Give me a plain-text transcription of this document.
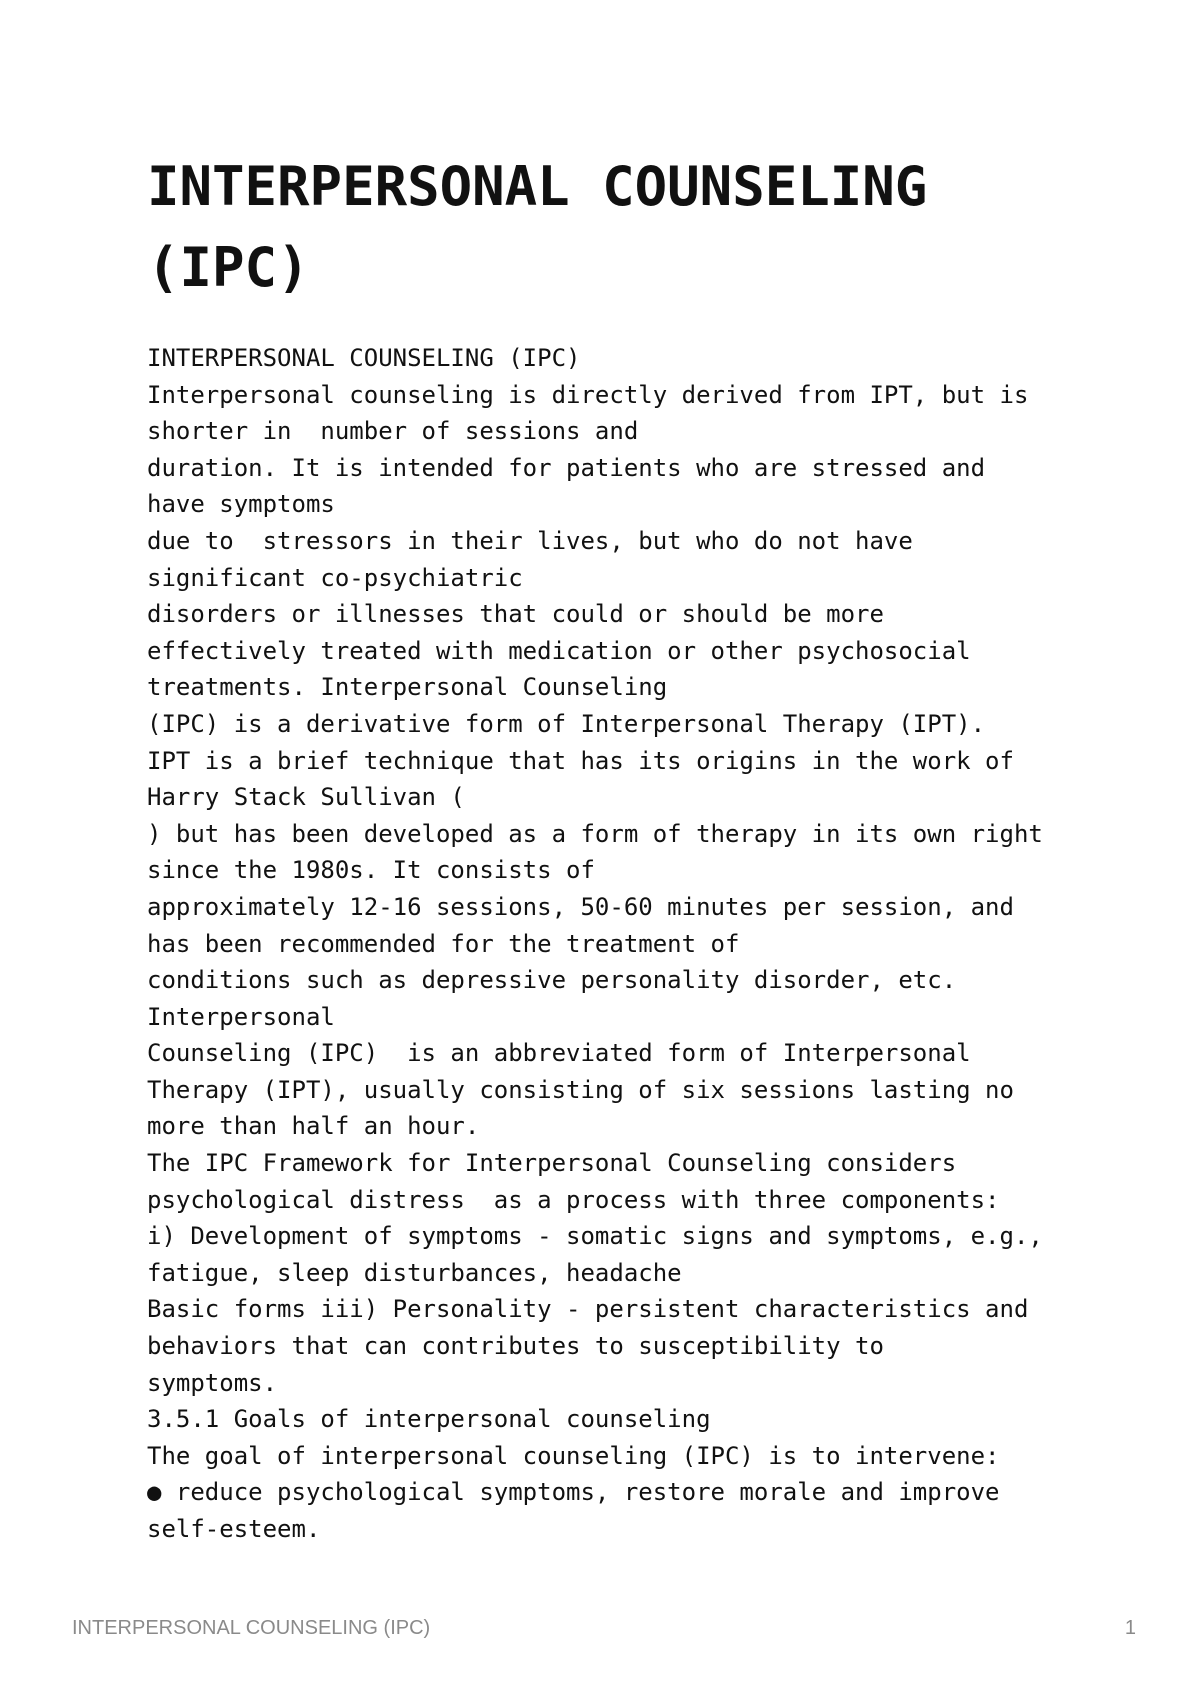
INTERPERSONAL COUNSELING
(IPC)
INTERPERSONAL COUNSELING (IPC)
Interpersonal counseling is directly derived from IPT, but is
shorter in  number of sessions and
duration. It is intended for patients who are stressed and
have symptoms
due to  stressors in their lives, but who do not have
significant co-psychiatric
disorders or illnesses that could or should be more
effectively treated with medication or other psychosocial
treatments. Interpersonal Counseling
(IPC) is a derivative form of Interpersonal Therapy (IPT).
IPT is a brief technique that has its origins in the work of
Harry Stack Sullivan (
) but has been developed as a form of therapy in its own right
since the 1980s. It consists of
approximately 12-16 sessions, 50-60 minutes per session, and
has been recommended for the treatment of
conditions such as depressive personality disorder, etc.
Interpersonal
Counseling (IPC)  is an abbreviated form of Interpersonal
Therapy (IPT), usually consisting of six sessions lasting no
more than half an hour.
The IPC Framework for Interpersonal Counseling considers
psychological distress  as a process with three components:
i) Development of symptoms - somatic signs and symptoms, e.g.,
fatigue, sleep disturbances, headache
Basic forms iii) Personality - persistent characteristics and
behaviors that can contributes to susceptibility to
symptoms.
3.5.1 Goals of interpersonal counseling
The goal of interpersonal counseling (IPC) is to intervene:
● reduce psychological symptoms, restore morale and improve
self-esteem.
INTERPERSONAL COUNSELING (IPC)	1
